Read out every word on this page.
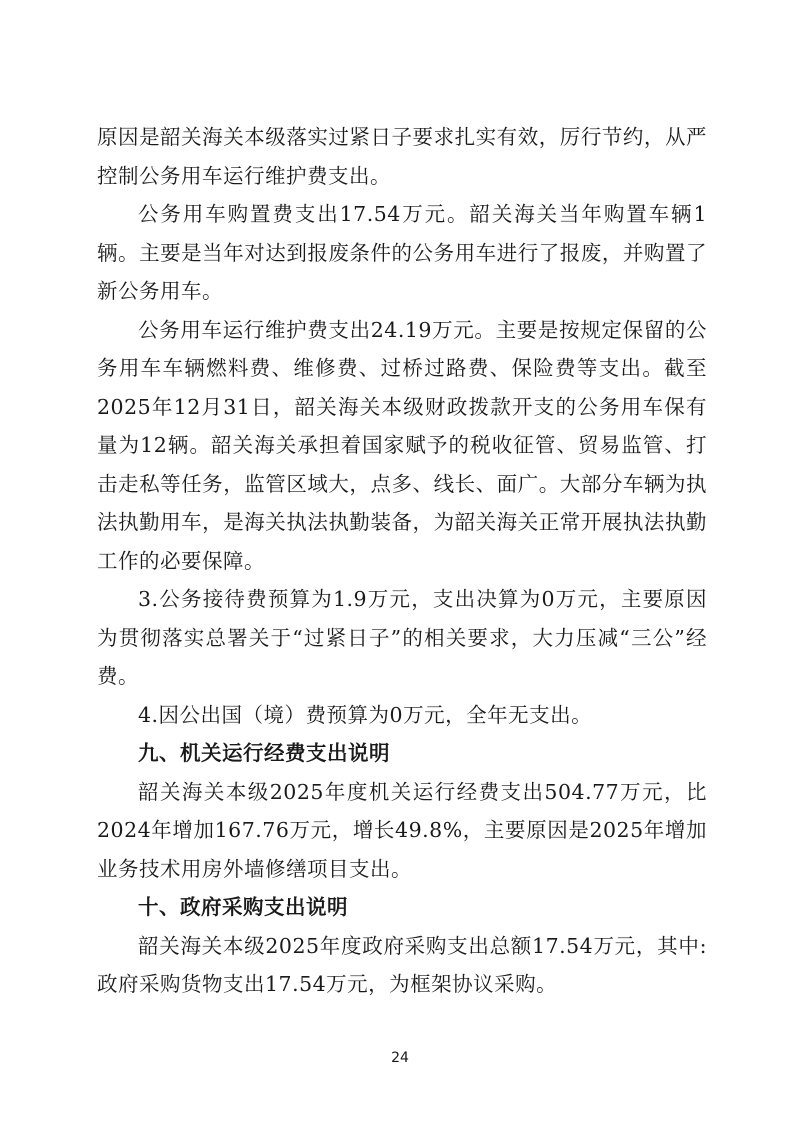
原因是韶关海关本级落实过紧日子要求扎实有效，厉行节约，从严控制公务用车运行维护费支出。

公务用车购置费支出17.54万元。韶关海关当年购置车辆1辆。主要是当年对达到报废条件的公务用车进行了报废，并购置了新公务用车。

公务用车运行维护费支出24.19万元。主要是按规定保留的公务用车车辆燃料费、维修费、过桥过路费、保险费等支出。截至2025年12月31日，韶关海关本级财政拨款开支的公务用车保有量为12辆。韶关海关承担着国家赋予的税收征管、贸易监管、打击走私等任务，监管区域大，点多、线长、面广。大部分车辆为执法执勤用车，是海关执法执勤装备，为韶关海关正常开展执法执勤工作的必要保障。

3.公务接待费预算为1.9万元，支出决算为0万元，主要原因为贯彻落实总署关于“过紧日子”的相关要求，大力压减“三公”经费。

4.因公出国（境）费预算为0万元，全年无支出。

九、机关运行经费支出说明

韶关海关本级2025年度机关运行经费支出504.77万元，比2024年增加167.76万元，增长49.8%，主要原因是2025年增加业务技术用房外墙修缮项目支出。

十、政府采购支出说明

韶关海关本级2025年度政府采购支出总额17.54万元，其中:政府采购货物支出17.54万元，为框架协议采购。

24
